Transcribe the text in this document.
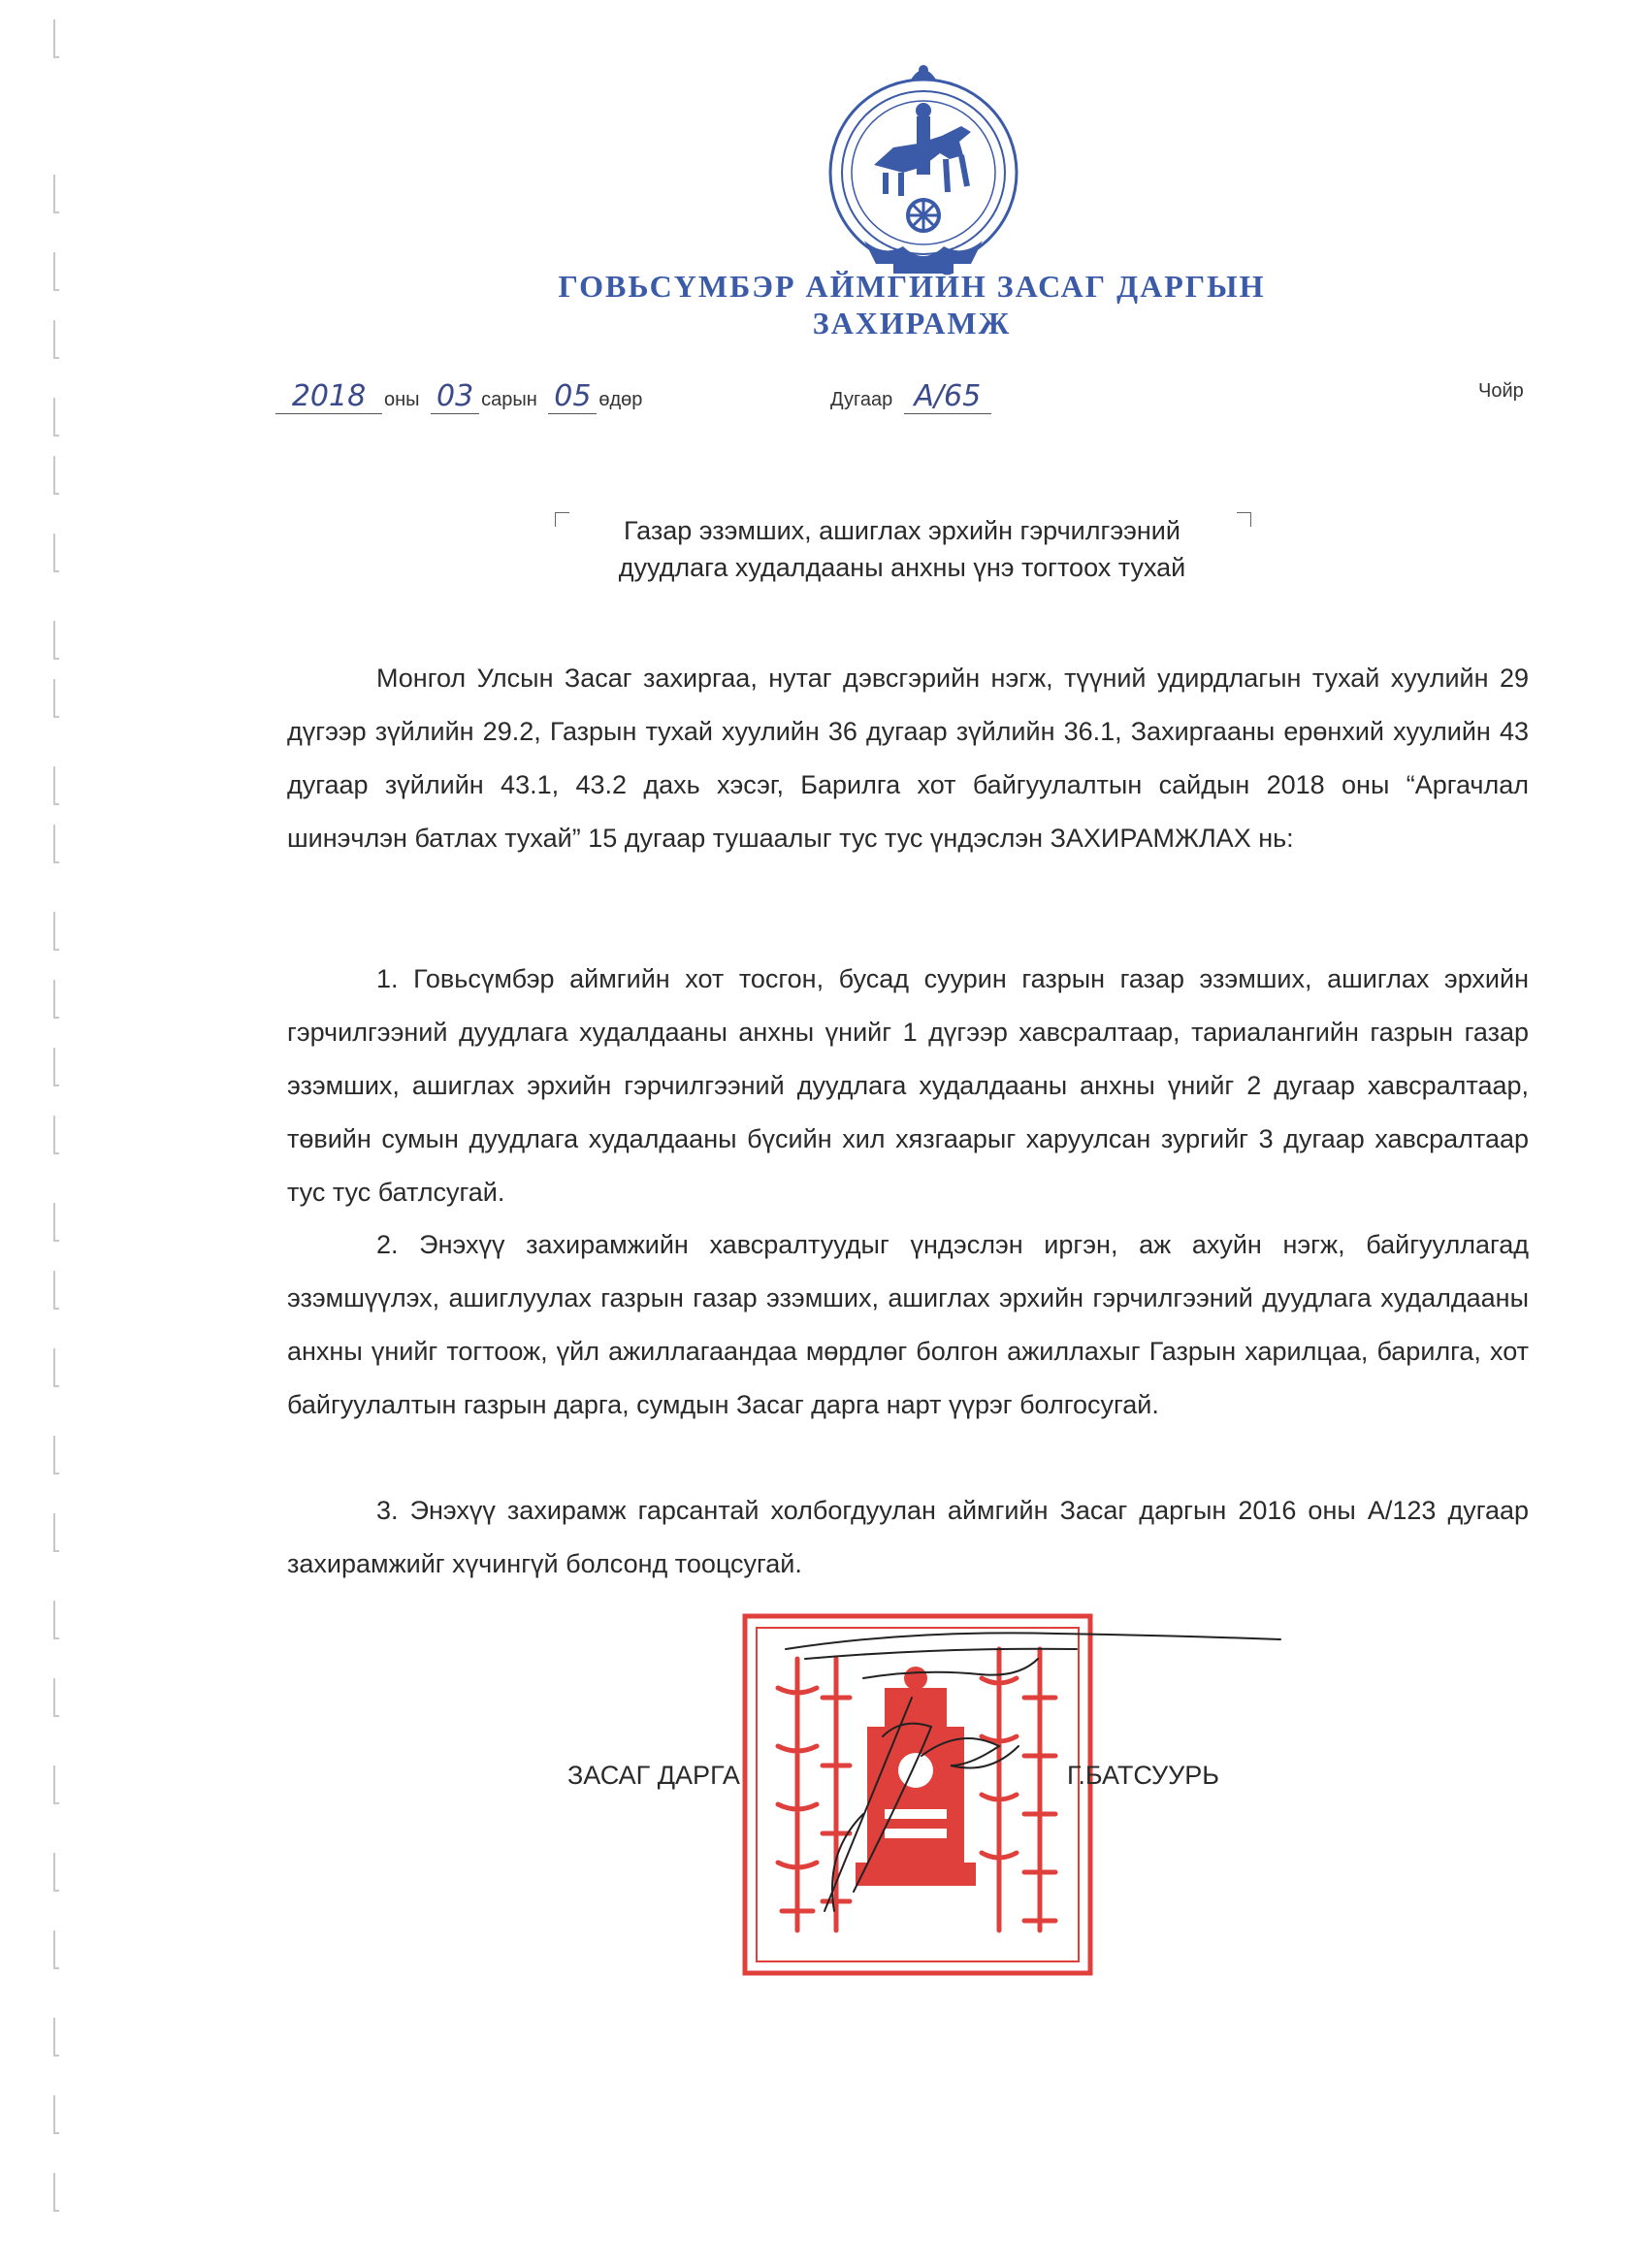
ГОВЬСҮМБЭР АЙМГИЙН ЗАСАГ ДАРГЫН
ЗАХИРАМЖ
2018 оны 03 сарын 05 өдөр	Дугаар А/65	Чойр
Газар эзэмших, ашиглах эрхийн гэрчилгээний
дуудлага худалдааны анхны үнэ тогтоох тухай

Монгол Улсын Засаг захиргаа, нутаг дэвсгэрийн нэгж, түүний удирдлагын тухай хуулийн 29 дүгээр зүйлийн 29.2, Газрын тухай хуулийн 36 дугаар зүйлийн 36.1, Захиргааны ерөнхий хуулийн 43 дугаар зүйлийн 43.1, 43.2 дахь хэсэг, Барилга хот байгуулалтын сайдын 2018 оны “Аргачлал шинэчлэн батлах тухай” 15 дугаар тушаалыг тус тус үндэслэн ЗАХИРАМЖЛАХ нь:

1. Говьсүмбэр аймгийн хот тосгон, бусад суурин газрын газар эзэмших, ашиглах эрхийн гэрчилгээний дуудлага худалдааны анхны үнийг 1 дүгээр хавсралтаар, тариалангийн газрын газар эзэмших, ашиглах эрхийн гэрчилгээний дуудлага худалдааны анхны үнийг 2 дугаар хавсралтаар, төвийн сумын дуудлага худалдааны бүсийн хил хязгаарыг харуулсан зургийг 3 дугаар хавсралтаар тус тус батлсугай.

2. Энэхүү захирамжийн хавсралтуудыг үндэслэн иргэн, аж ахуйн нэгж, байгууллагад эзэмшүүлэх, ашиглуулах газрын газар эзэмших, ашиглах эрхийн гэрчилгээний дуудлага худалдааны анхны үнийг тогтоож, үйл ажиллагаандаа мөрдлөг болгон ажиллахыг Газрын харилцаа, барилга, хот байгуулалтын газрын дарга, сумдын Засаг дарга нарт үүрэг болгосугай.

3. Энэхүү захирамж гарсантай холбогдуулан аймгийн Засаг даргын 2016 оны А/123 дугаар захирамжийг хүчингүй болсонд тооцсугай.

ЗАСАГ ДАРГА	Г.БАТСУУРЬ
